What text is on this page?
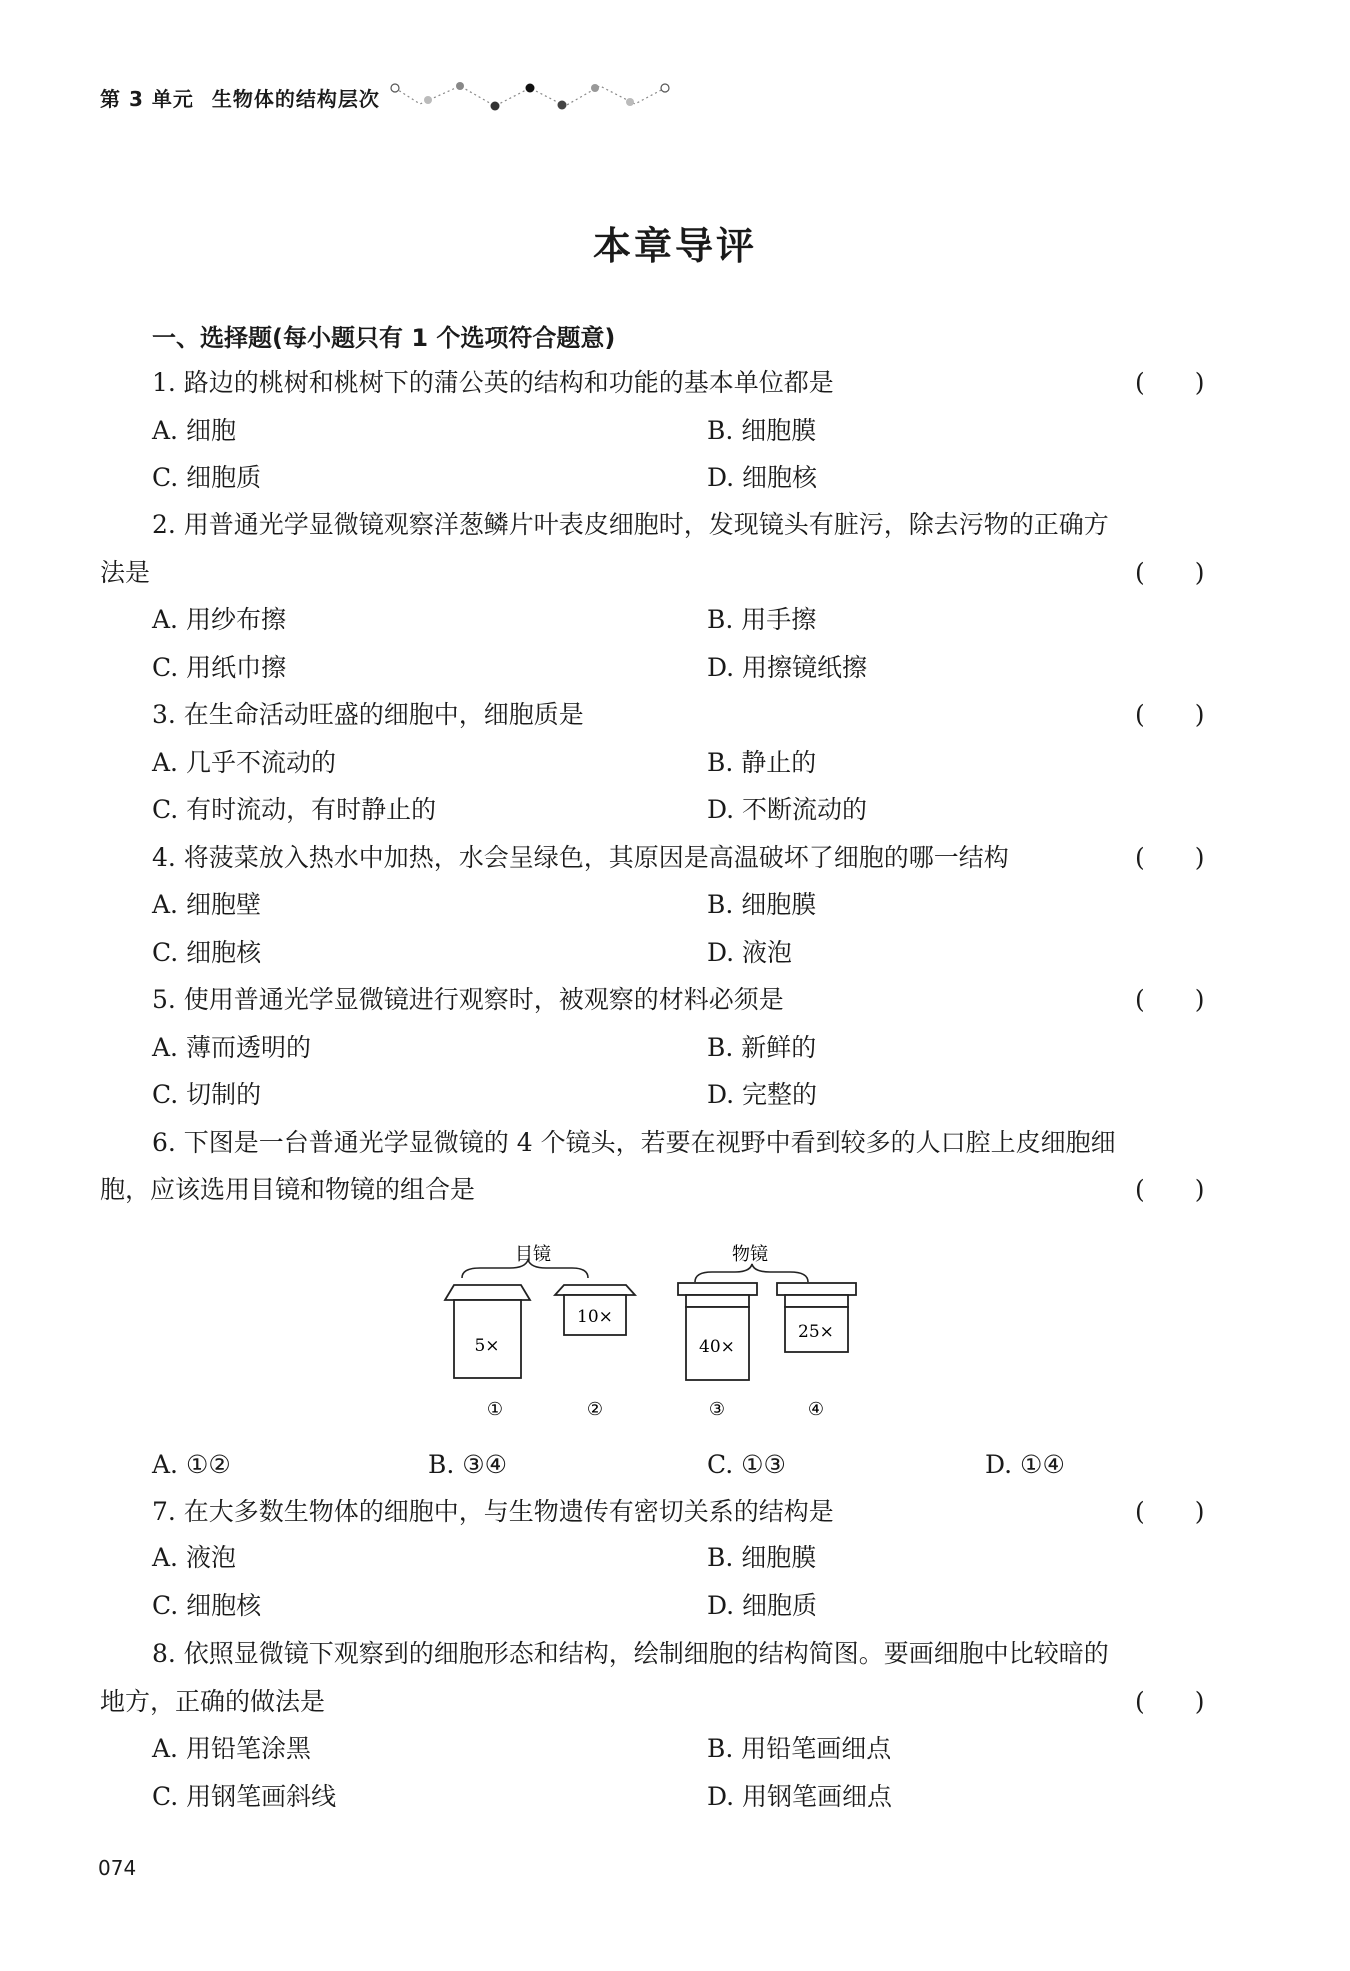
第 3 单元 生物体的结构层次
本章导评
一、选择题(每小题只有 1 个选项符合题意)
1. 路边的桃树和桃树下的蒲公英的结构和功能的基本单位都是	(　　)
A. 细胞	B. 细胞膜
C. 细胞质	D. 细胞核
2. 用普通光学显微镜观察洋葱鳞片叶表皮细胞时，发现镜头有脏污，除去污物的正确方
法是	(　　)
A. 用纱布擦	B. 用手擦
C. 用纸巾擦	D. 用擦镜纸擦
3. 在生命活动旺盛的细胞中，细胞质是	(　　)
A. 几乎不流动的	B. 静止的
C. 有时流动，有时静止的	D. 不断流动的
4. 将菠菜放入热水中加热，水会呈绿色，其原因是高温破坏了细胞的哪一结构	(　　)
A. 细胞壁	B. 细胞膜
C. 细胞核	D. 液泡
5. 使用普通光学显微镜进行观察时，被观察的材料必须是	(　　)
A. 薄而透明的	B. 新鲜的
C. 切制的	D. 完整的
6. 下图是一台普通光学显微镜的 4 个镜头，若要在视野中看到较多的人口腔上皮细胞细
胞，应该选用目镜和物镜的组合是	(　　)
目镜
5×
10×
物镜
40×
25×
①	②	③	④
A. ①②	B. ③④	C. ①③	D. ①④
7. 在大多数生物体的细胞中，与生物遗传有密切关系的结构是	(　　)
A. 液泡	B. 细胞膜
C. 细胞核	D. 细胞质
8. 依照显微镜下观察到的细胞形态和结构，绘制细胞的结构简图。要画细胞中比较暗的
地方，正确的做法是	(　　)
A. 用铅笔涂黑	B. 用铅笔画细点
C. 用钢笔画斜线	D. 用钢笔画细点
074
